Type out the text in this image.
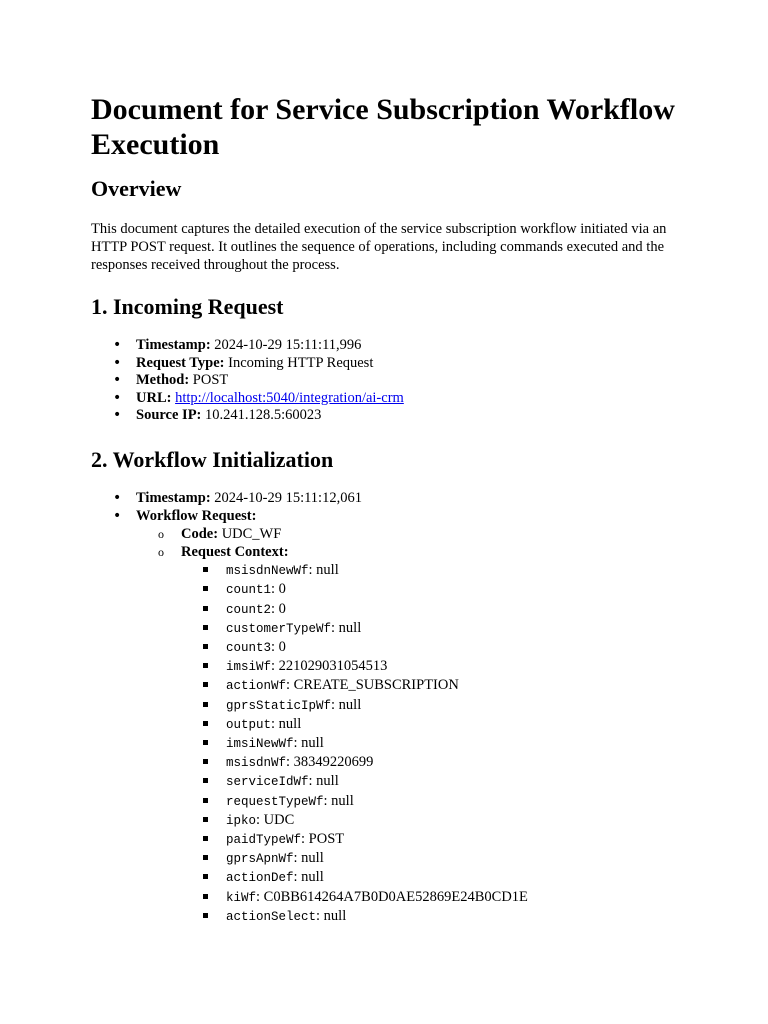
Document for Service Subscription Workflow Execution
Overview

This document captures the detailed execution of the service subscription workflow initiated via an HTTP POST request. It outlines the sequence of operations, including commands executed and the responses received throughout the process.

1. Incoming Request
• Timestamp: 2024-10-29 15:11:11,996
• Request Type: Incoming HTTP Request
• Method: POST
• URL: http://localhost:5040/integration/ai-crm
• Source IP: 10.241.128.5:60023
2. Workflow Initialization
• Timestamp: 2024-10-29 15:11:12,061
• Workflow Request:
o Code: UDC_WF
o Request Context:
msisdnNewWf: null
count1: 0
count2: 0
customerTypeWf: null
count3: 0
imsiWf: 221029031054513
actionWf: CREATE_SUBSCRIPTION
gprsStaticIpWf: null
output: null
imsiNewWf: null
msisdnWf: 38349220699
serviceIdWf: null
requestTypeWf: null
ipko: UDC
paidTypeWf: POST
gprsApnWf: null
actionDef: null
kiWf: C0BB614264A7B0D0AE52869E24B0CD1E
actionSelect: null
